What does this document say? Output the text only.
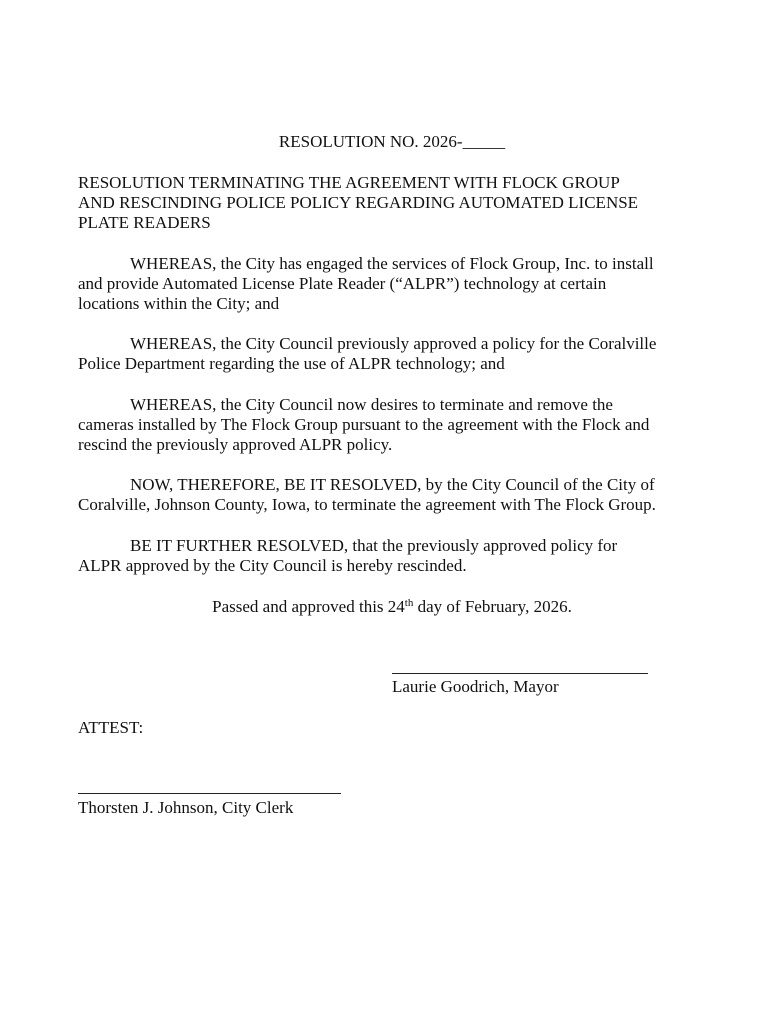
RESOLUTION NO. 2026-_____
RESOLUTION TERMINATING THE AGREEMENT WITH FLOCK GROUP
AND RESCINDING POLICE POLICY REGARDING AUTOMATED LICENSE
PLATE READERS
WHEREAS, the City has engaged the services of Flock Group, Inc. to install
and provide Automated License Plate Reader (“ALPR”) technology at certain
locations within the City; and
WHEREAS, the City Council previously approved a policy for the Coralville
Police Department regarding the use of ALPR technology; and
WHEREAS, the City Council now desires to terminate and remove the
cameras installed by The Flock Group pursuant to the agreement with the Flock and
rescind the previously approved ALPR policy.
NOW, THEREFORE, BE IT RESOLVED, by the City Council of the City of
Coralville, Johnson County, Iowa, to terminate the agreement with The Flock Group.
BE IT FURTHER RESOLVED, that the previously approved policy for
ALPR approved by the City Council is hereby rescinded.
Passed and approved this 24th day of February, 2026.
Laurie Goodrich, Mayor
ATTEST:
Thorsten J. Johnson, City Clerk
